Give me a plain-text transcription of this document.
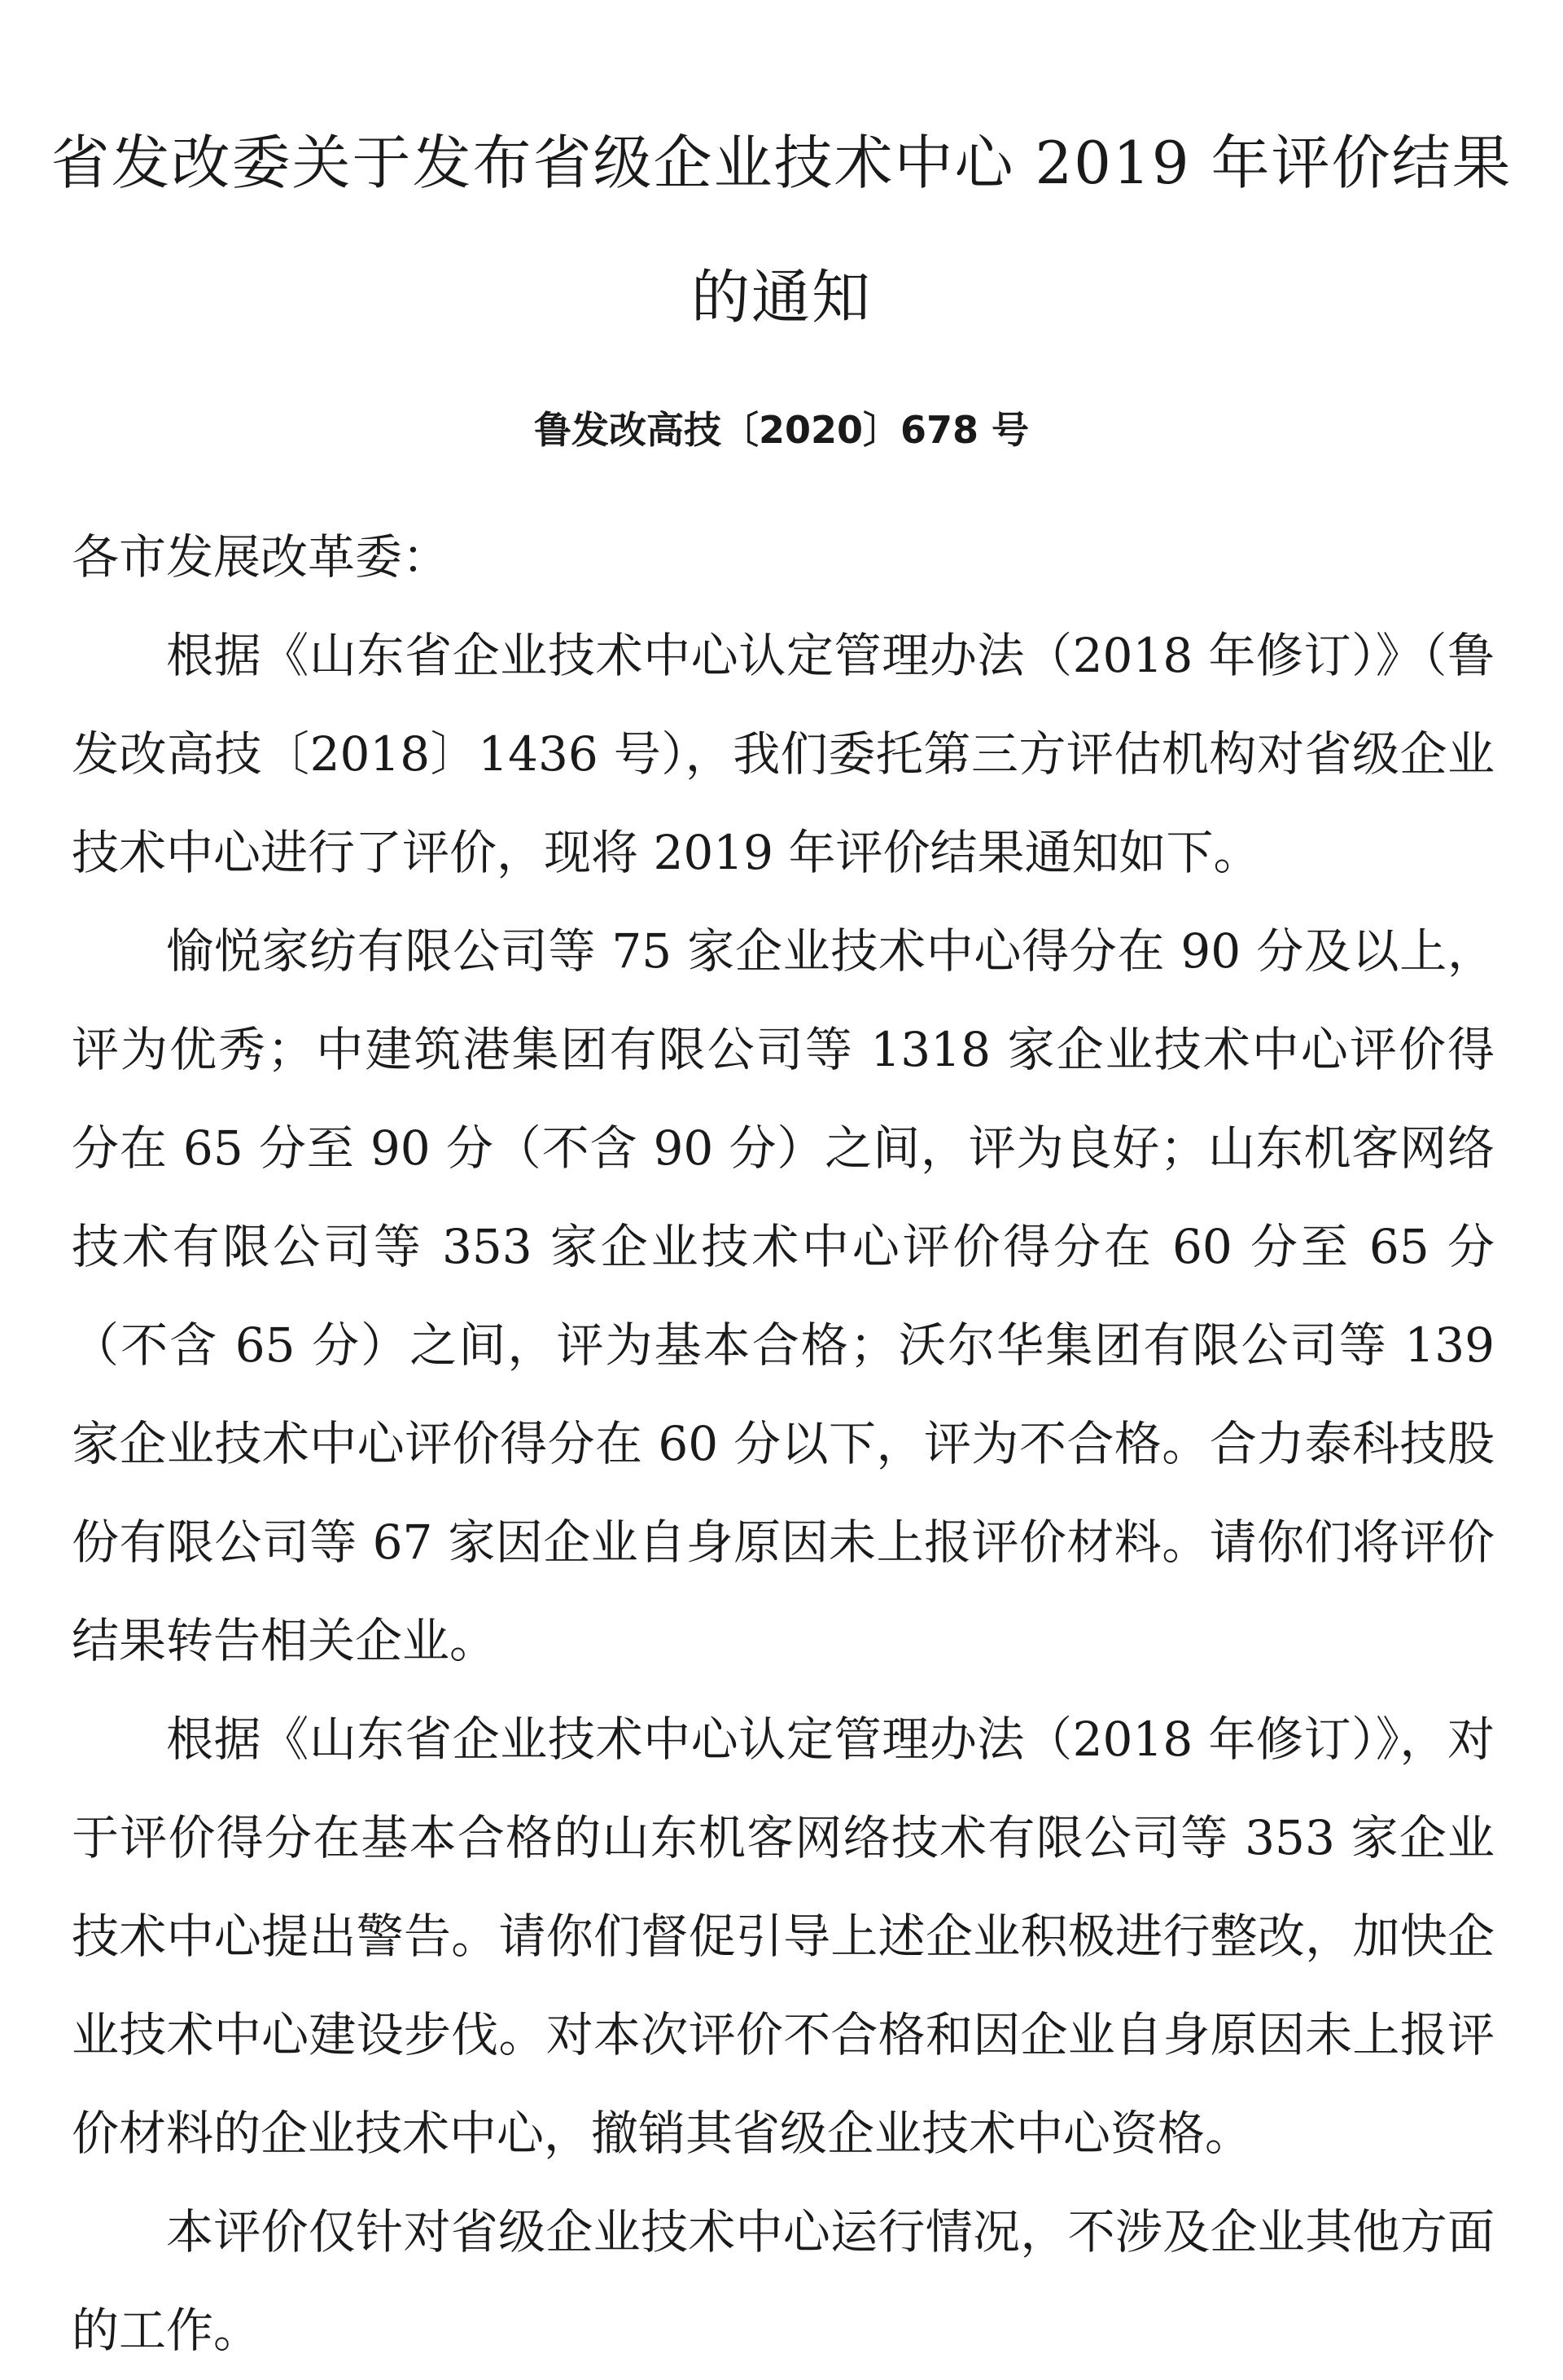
省发改委关于发布省级企业技术中心 2019 年评价结果
的通知

鲁发改高技〔2020〕678 号

各市发展改革委：

根据《山东省企业技术中心认定管理办法（2018 年修订）》（鲁发改高技〔2018〕1436 号），我们委托第三方评估机构对省级企业技术中心进行了评价，现将 2019 年评价结果通知如下。

愉悦家纺有限公司等 75 家企业技术中心得分在 90 分及以上，评为优秀；中建筑港集团有限公司等 1318 家企业技术中心评价得分在 65 分至 90 分（不含 90 分）之间，评为良好；山东机客网络技术有限公司等 353 家企业技术中心评价得分在 60 分至 65 分（不含 65 分）之间，评为基本合格；沃尔华集团有限公司等 139 家企业技术中心评价得分在 60 分以下，评为不合格。合力泰科技股份有限公司等 67 家因企业自身原因未上报评价材料。请你们将评价结果转告相关企业。

根据《山东省企业技术中心认定管理办法（2018 年修订）》，对于评价得分在基本合格的山东机客网络技术有限公司等 353 家企业技术中心提出警告。请你们督促引导上述企业积极进行整改，加快企业技术中心建设步伐。对本次评价不合格和因企业自身原因未上报评价材料的企业技术中心，撤销其省级企业技术中心资格。

本评价仅针对省级企业技术中心运行情况，不涉及企业其他方面的工作。
